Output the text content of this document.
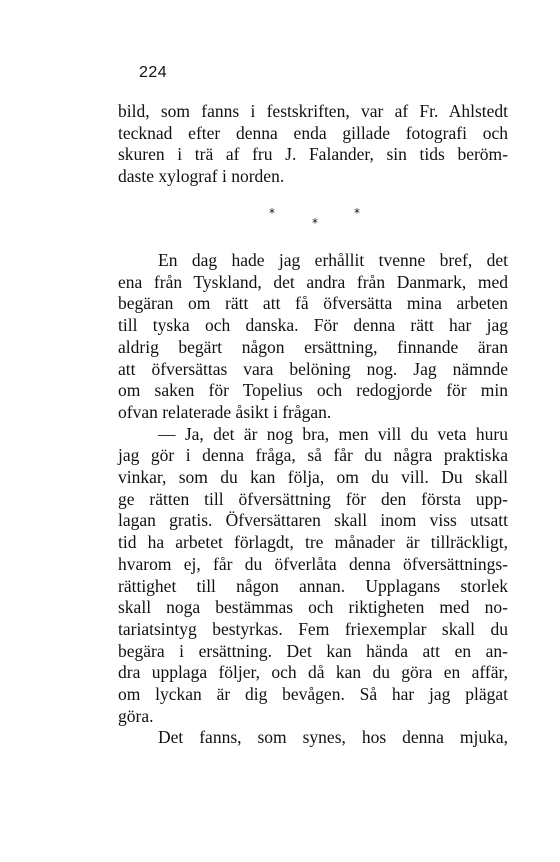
224
bild, som fanns i festskriften, var af Fr. Ahlstedt
tecknad efter denna enda gillade fotografi och
skuren i trä af fru J. Falander, sin tids beröm-
daste xylograf i norden.
*	*
*
En dag hade jag erhållit tvenne bref, det
ena från Tyskland, det andra från Danmark, med
begäran om rätt att få öfversätta mina arbeten
till tyska och danska. För denna rätt har jag
aldrig begärt någon ersättning, finnande äran
att öfversättas vara belöning nog. Jag nämnde
om saken för Topelius och redogjorde för min
ofvan relaterade åsikt i frågan.
— Ja, det är nog bra, men vill du veta huru
jag gör i denna fråga, så får du några praktiska
vinkar, som du kan följa, om du vill. Du skall
ge rätten till öfversättning för den första upp-
lagan gratis. Öfversättaren skall inom viss utsatt
tid ha arbetet förlagdt, tre månader är tillräckligt,
hvarom ej, får du öfverlåta denna öfversättnings-
rättighet till någon annan. Upplagans storlek
skall noga bestämmas och riktigheten med no-
tariatsintyg bestyrkas. Fem friexemplar skall du
begära i ersättning. Det kan hända att en an-
dra upplaga följer, och då kan du göra en affär,
om lyckan är dig bevågen. Så har jag plägat
göra.
Det fanns, som synes, hos denna mjuka,
